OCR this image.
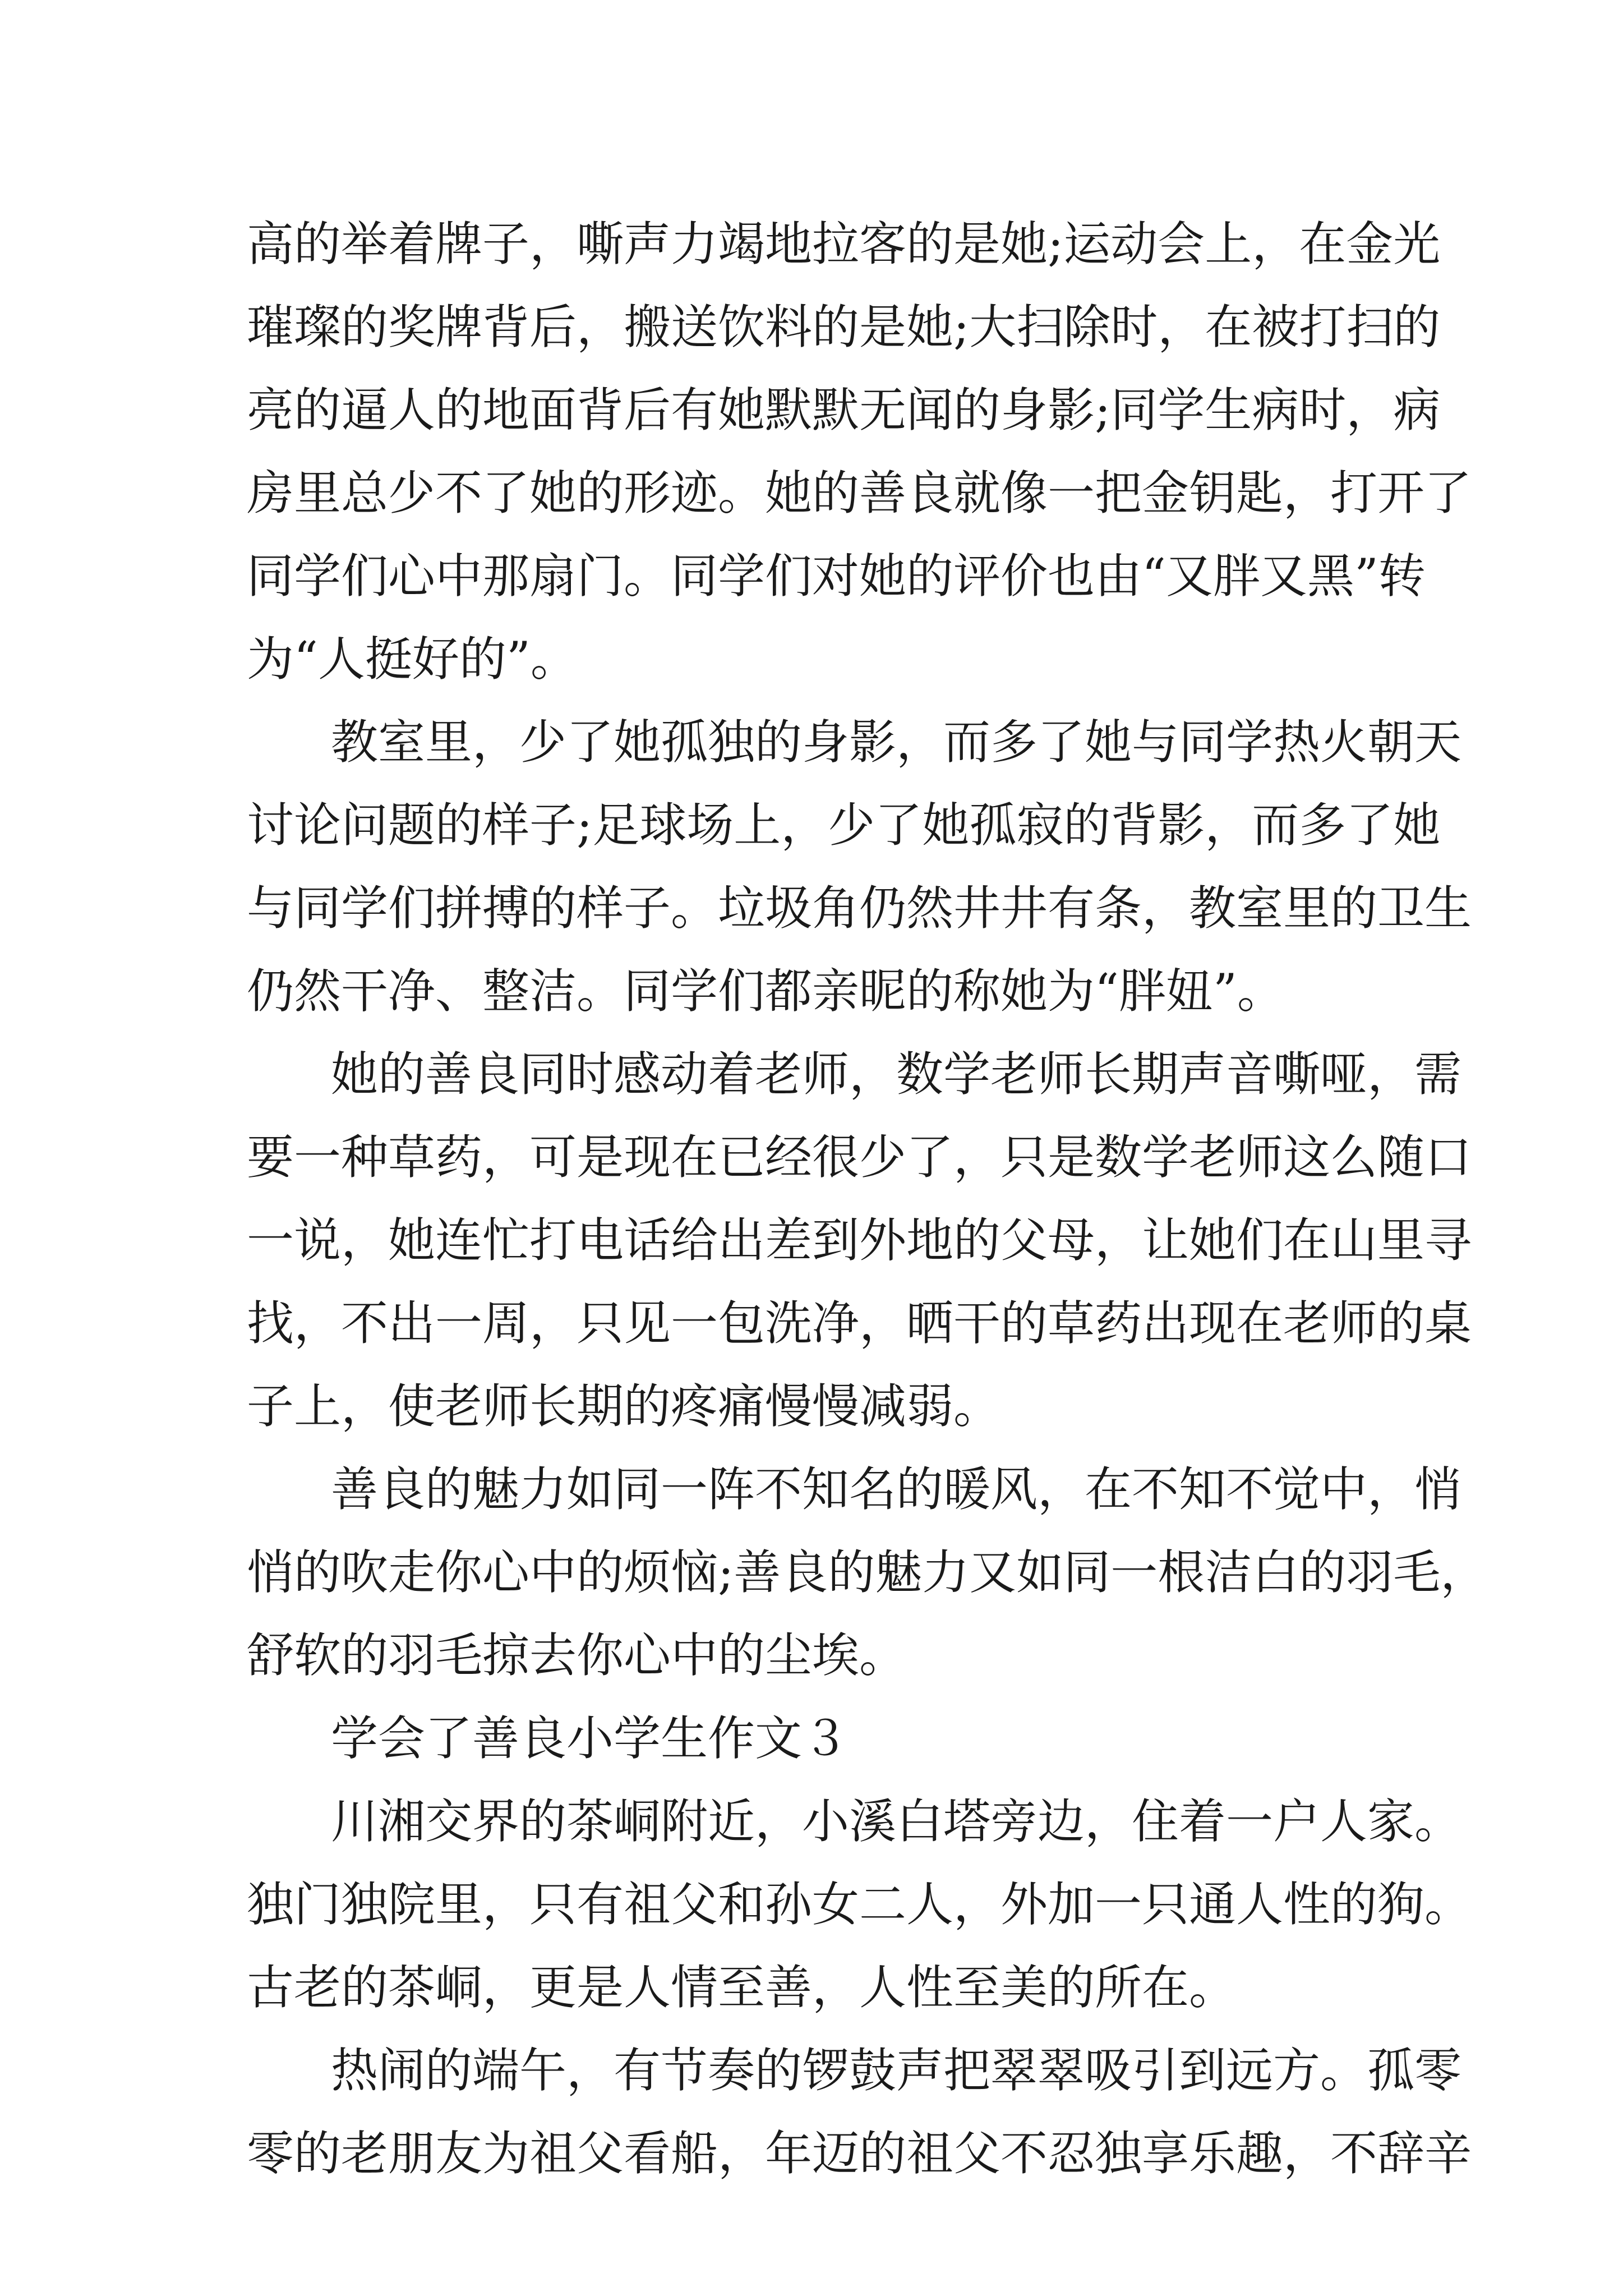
高的举着牌子，嘶声力竭地拉客的是她;运动会上，在金光
璀璨的奖牌背后，搬送饮料的是她;大扫除时，在被打扫的
亮的逼人的地面背后有她默默无闻的身影;同学生病时，病
房里总少不了她的形迹。她的善良就像一把金钥匙，打开了
同学们心中那扇门。同学们对她的评价也由“又胖又黑”转
为“人挺好的”。
教室里，少了她孤独的身影，而多了她与同学热火朝天
讨论问题的样子;足球场上，少了她孤寂的背影，而多了她
与同学们拼搏的样子。垃圾角仍然井井有条，教室里的卫生
仍然干净、整洁。同学们都亲昵的称她为“胖妞”。
她的善良同时感动着老师，数学老师长期声音嘶哑，需
要一种草药，可是现在已经很少了，只是数学老师这么随口
一说，她连忙打电话给出差到外地的父母，让她们在山里寻
找，不出一周，只见一包洗净，晒干的草药出现在老师的桌
子上，使老师长期的疼痛慢慢减弱。
善良的魅力如同一阵不知名的暖风，在不知不觉中，悄
悄的吹走你心中的烦恼;善良的魅力又如同一根洁白的羽毛，
舒软的羽毛掠去你心中的尘埃。
学会了善良小学生作文３
川湘交界的茶峒附近，小溪白塔旁边，住着一户人家。
独门独院里，只有祖父和孙女二人，外加一只通人性的狗。
古老的茶峒，更是人情至善，人性至美的所在。
热闹的端午，有节奏的锣鼓声把翠翠吸引到远方。孤零
零的老朋友为祖父看船，年迈的祖父不忍独享乐趣，不辞辛
